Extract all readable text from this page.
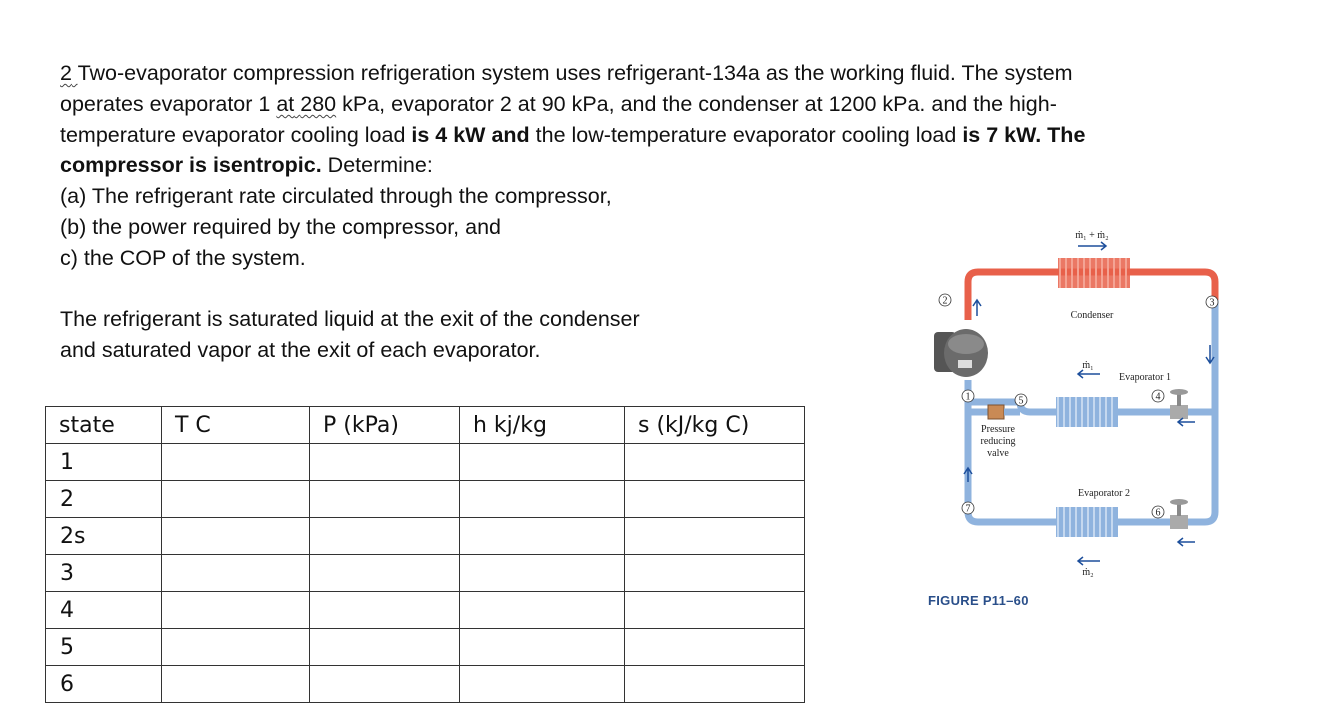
2 Two-evaporator compression refrigeration system uses refrigerant-134a as the working fluid. The system

operates evaporator 1 at 280 kPa, evaporator 2 at 90 kPa, and the condenser at 1200 kPa. and the high-

temperature evaporator cooling load is 4 kW and the low-temperature evaporator cooling load is 7 kW. The

compressor is isentropic. Determine:

(a) The refrigerant rate circulated through the compressor,

(b) the power required by the compressor, and

c) the COP of the system.

The refrigerant is saturated liquid at the exit of the condenser
and saturated vapor at the exit of each evaporator.
state	T C	P (kPa)	h kj/kg	s (kJ/kg C)
1				
2				
2s				
3				
4				
5				
6				
2	3
1	5	4
7	6
ṁ₁ + ṁ₂
Condenser
ṁ₁
Evaporator 1
Pressure
reducing
valve
Evaporator 2
ṁ₂
FIGURE P11–60
